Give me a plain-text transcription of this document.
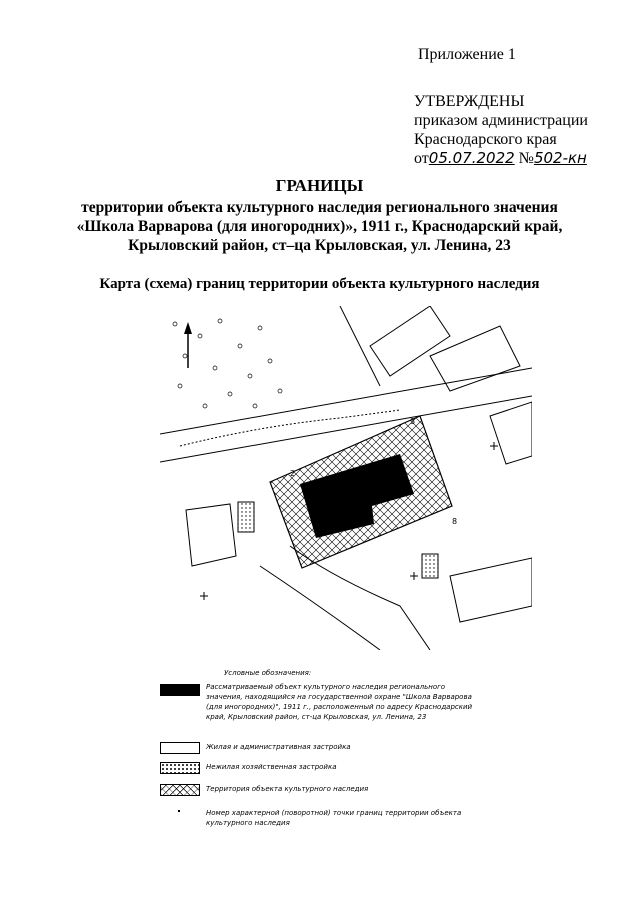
Приложение 1
УТВЕРЖДЕНЫ
приказом администрации
Краснодарского края
от05.07.2022 №502-кн
ГРАНИЦЫ
территории объекта культурного наследия регионального значения
«Школа Варварова (для иногородних)», 1911 г., Краснодарский край,
Крыловский район, ст–ца Крыловская, ул. Ленина, 23
Карта (схема) границ территории объекта культурного наследия
2
3
8
Условные обозначения:
Рассматриваемый объект культурного наследия регионального значения, находящийся на государственной охране "Школа Варварова (для иногородних)", 1911 г., расположенный по адресу Краснодарский край, Крыловский район, ст-ца Крыловская, ул. Ленина, 23
Жилая и административная застройка
Нежилая хозяйственная застройка
Территория объекта культурного наследия
Номер характерной (поворотной) точки границ территории объекта культурного наследия
